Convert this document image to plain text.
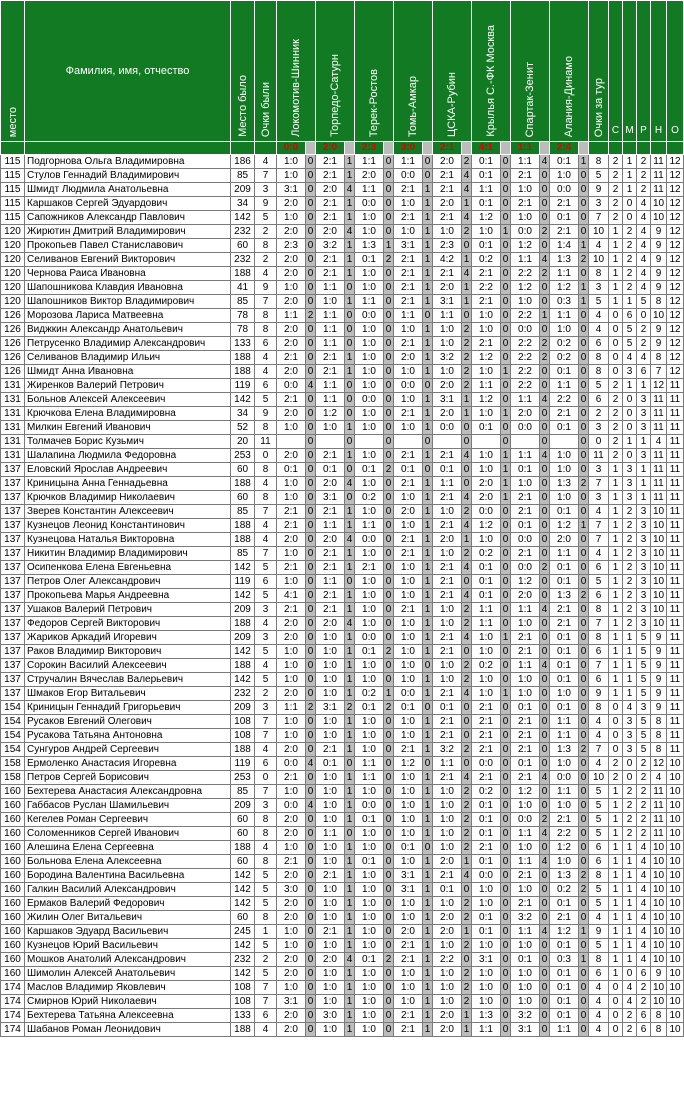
место	Фамилия, имя, отчество	Место было	Очки были	Локомотив-Шинник		Торпедо-Сатурн		Терек-Ростов		Томь-Амкар		ЦСКА-Рубин		Крылья С.-ФК Москва		Спартак-Зенит		Алания-Динамо		Очки за тур	С	М	Р	Н	О

				0:0		2:0		2:3		3:0		2:1		4:1		1:1		2:4							
115	Подгорнова Ольга Владимировна	186	4	1:0	0	2:1	1	1:1	0	1:1	0	2:0	2	0:1	0	1:1	4	0:1	1	8	2	1	2	11	12
115	Стулов Геннадий Владимирович	85	7	1:0	0	2:1	1	2:0	0	0:0	0	2:1	4	0:1	0	2:1	0	1:0	0	5	2	1	2	11	12
115	Шмидт Людмила Анатольевна	209	3	3:1	0	2:0	4	1:1	0	2:1	1	2:1	4	1:1	0	1:0	0	0:0	0	9	2	1	2	11	12
115	Каршаков Сергей Эдуардович	34	9	2:0	0	2:1	1	0:0	0	1:0	1	2:0	1	0:1	0	2:1	0	2:1	0	3	2	0	4	10	12
115	Сапожников Александр Павлович	142	5	1:0	0	2:1	1	1:0	0	2:1	1	2:1	4	1:2	0	1:0	0	0:1	0	7	2	0	4	10	12
120	Жирютин Дмитрий Владимирович	232	2	2:0	0	2:0	4	1:0	0	1:0	1	1:0	2	1:0	1	0:0	2	2:1	0	10	1	2	4	9	12
120	Прокопьев Павел Станиславович	60	8	2:3	0	3:2	1	1:3	1	3:1	1	2:3	0	0:1	0	1:2	0	1:4	1	4	1	2	4	9	12
120	Селиванов Евгений Викторович	232	2	2:0	0	2:1	1	0:1	2	2:1	1	4:2	1	0:2	0	1:1	4	1:3	2	10	1	2	4	9	12
120	Чернова Раиса Ивановна	188	4	2:0	0	2:1	1	1:0	0	2:1	1	2:1	4	2:1	0	2:2	2	1:1	0	8	1	2	4	9	12
120	Шапошникова Клавдия Ивановна	41	9	1:0	0	1:1	0	1:0	0	2:1	1	2:0	1	2:2	0	1:2	0	1:2	1	3	1	2	4	9	12
120	Шапошников Виктор Владимирович	85	7	2:0	0	1:0	1	1:1	0	2:1	1	3:1	1	2:1	0	1:0	0	0:3	1	5	1	1	5	8	12
126	Морозова Лариса Матвеевна	78	8	1:1	2	1:1	0	0:0	0	1:1	0	1:1	0	1:0	0	2:2	1	1:1	0	4	0	6	0	10	12
126	Виджкин Александр Анатольевич	78	8	2:0	0	1:1	0	1:0	0	1:0	1	1:0	2	1:0	0	0:0	0	1:0	0	4	0	5	2	9	12
126	Петрусенко Владимир Александрович	133	6	2:0	0	1:1	0	1:0	0	2:1	1	1:0	2	2:1	0	2:2	2	0:2	0	6	0	5	2	9	12
126	Селиванов Владимир Ильич	188	4	2:1	0	2:1	1	1:0	0	2:0	1	3:2	2	1:2	0	2:2	2	0:2	0	8	0	4	4	8	12
126	Шмидт Анна Ивановна	188	4	2:0	0	2:1	1	1:0	0	1:0	1	1:0	2	1:0	1	2:2	0	0:1	0	8	0	3	6	7	12
131	Жиренков Валерий Петрович	119	6	0:0	4	1:1	0	1:0	0	0:0	0	2:0	2	1:1	0	2:2	0	1:1	0	5	2	1	1	12	11
131	Больнов Алексей Алексеевич	142	5	2:1	0	1:1	0	0:0	0	1:0	1	3:1	1	1:2	0	1:1	4	2:2	0	6	2	0	3	11	11
131	Крючкова Елена Владимировна	34	9	2:0	0	1:2	0	1:0	0	2:1	1	2:0	1	1:0	1	2:0	0	2:1	0	2	2	0	3	11	11
131	Милкин Евгений Иванович	52	8	1:0	0	1:0	1	1:0	0	1:0	1	0:0	0	0:1	0	0:0	0	0:1	0	3	2	0	3	11	11
131	Толмачев Борис Кузьмич	20	11		0		0		0		0		0		0		0		0	0	2	1	1	4	11
131	Шалапина Людмила Федоровна	253	0	2:0	0	2:1	1	1:0	0	2:1	1	2:1	4	1:0	1	1:1	4	1:0	0	11	2	0	3	11	11
137	Еловский Ярослав Андреевич	60	8	0:1	0	0:1	0	0:1	2	0:1	0	0:1	0	1:0	1	0:1	0	1:0	0	3	1	3	1	11	11
137	Криницына Анна Геннадьевна	188	4	1:0	0	2:0	4	1:0	0	2:1	1	1:1	0	2:0	1	1:0	0	1:3	2	7	1	3	1	11	11
137	Крючков Владимир Николаевич	60	8	1:0	0	3:1	0	0:2	0	1:0	1	2:1	4	2:0	1	2:1	0	1:0	0	3	1	3	1	11	11
137	Зверев Константин Алексеевич	85	7	2:1	0	2:1	1	1:0	0	2:0	1	1:0	2	0:0	0	2:1	0	0:1	0	4	1	2	3	10	11
137	Кузнецов Леонид Константинович	188	4	2:1	0	1:1	1	1:1	0	1:0	1	2:1	4	1:2	0	0:1	0	1:2	1	7	1	2	3	10	11
137	Кузнецова Наталья Викторовна	188	4	2:0	0	2:0	4	0:0	0	2:1	1	2:0	1	1:0	0	0:0	0	2:0	0	7	1	2	3	10	11
137	Никитин Владимир Владимирович	85	7	1:0	0	2:1	1	1:0	0	2:1	1	1:0	2	0:2	0	2:1	0	1:1	0	4	1	2	3	10	11
137	Осипенкова Елена Евгеньевна	142	5	2:1	0	2:1	1	2:1	0	1:0	1	2:1	4	0:1	0	0:0	2	0:1	0	6	1	2	3	10	11
137	Петров Олег Александрович	119	6	1:0	0	1:1	0	1:0	0	1:0	1	2:1	0	0:1	0	1:2	0	0:1	0	5	1	2	3	10	11
137	Прокопьева Марья Андреевна	142	5	4:1	0	2:1	1	1:0	0	1:0	1	2:1	4	0:1	0	2:0	0	1:3	2	6	1	2	3	10	11
137	Ушаков Валерий Петрович	209	3	2:1	0	2:1	1	1:0	0	2:1	1	1:0	2	1:1	0	1:1	4	2:1	0	8	1	2	3	10	11
137	Федоров Сергей Викторович	188	4	2:0	0	2:0	4	1:0	0	1:0	1	1:0	2	1:1	0	1:0	0	2:1	0	7	1	2	3	10	11
137	Жариков Аркадий Игоревич	209	3	2:0	0	1:0	1	0:0	0	1:0	1	2:1	4	1:0	1	2:1	0	0:1	0	8	1	1	5	9	11
137	Раков Владимир Викторович	142	5	1:0	0	1:0	1	0:1	2	1:0	1	2:1	0	1:0	0	2:1	0	0:1	0	6	1	1	5	9	11
137	Сорокин Василий Алексеевич	188	4	1:0	0	1:0	1	1:0	0	1:0	0	1:0	2	0:2	0	1:1	4	0:1	0	7	1	1	5	9	11
137	Стручалин Вячеслав Валерьевич	142	5	1:0	0	1:0	1	1:0	0	1:0	1	1:0	2	1:0	0	1:0	0	0:1	0	6	1	1	5	9	11
137	Шмаков Егор Витальевич	232	2	2:0	0	1:0	1	0:2	1	0:0	1	2:1	4	1:0	1	1:0	0	1:0	0	9	1	1	5	9	11
154	Криницын Геннадий Григорьевич	209	3	1:1	2	3:1	2	0:1	2	0:1	0	0:1	0	2:1	0	0:1	0	0:1	0	8	0	4	3	9	11
154	Русаков Евгений Олегович	108	7	1:0	0	1:0	1	1:0	0	1:0	1	2:1	0	2:1	0	2:1	0	1:1	0	4	0	3	5	8	11
154	Русакова Татьяна Антоновна	108	7	1:0	0	1:0	1	1:0	0	1:0	1	2:1	0	2:1	0	2:1	0	1:1	0	4	0	3	5	8	11
154	Сунгуров Андрей Сергеевич	188	4	2:0	0	2:1	1	1:0	0	2:1	1	3:2	2	2:1	0	2:1	0	1:3	2	7	0	3	5	8	11
158	Ермоленко Анастасия Игоревна	119	6	0:0	4	0:1	0	1:1	0	1:2	0	1:1	0	0:0	0	0:1	0	1:0	0	4	2	0	2	12	10
158	Петров Сергей Борисович	253	0	2:1	0	1:0	1	1:1	0	1:0	1	2:1	4	2:1	0	2:1	4	0:0	0	10	2	0	2	4	10
160	Бехтерева Анастасия Александровна	85	7	1:0	0	1:0	1	1:0	0	1:0	1	1:0	2	0:2	0	1:2	0	1:1	0	5	1	2	2	11	10
160	Габбасов Руслан Шамильевич	209	3	0:0	4	1:0	1	0:0	0	1:0	1	1:0	2	0:1	0	1:0	0	1:0	0	5	1	2	2	11	10
160	Кегелев Роман Сергеевич	60	8	2:0	0	1:0	1	0:1	0	1:0	1	1:0	2	0:1	0	0:0	2	2:1	0	5	1	2	2	11	10
160	Соломенников Сергей Иванович	60	8	2:0	0	1:1	0	1:0	0	1:0	1	1:0	2	0:1	0	1:1	4	2:2	0	5	1	2	2	11	10
160	Алешина Елена Сергеевна	188	4	1:0	0	1:0	1	1:0	0	0:1	0	1:0	2	2:1	0	1:0	0	1:2	0	6	1	1	4	10	10
160	Больнова Елена Алексеевна	60	8	2:1	0	1:0	1	0:1	0	1:0	1	2:0	1	0:1	0	1:1	4	1:0	0	6	1	1	4	10	10
160	Бородина Валентина Васильевна	142	5	2:0	0	2:1	1	1:0	0	3:1	1	2:1	4	0:0	0	2:1	0	1:3	2	8	1	1	4	10	10
160	Галкин Василий Александрович	142	5	3:0	0	1:0	1	1:0	0	3:1	1	0:1	0	1:0	0	1:0	0	0:2	2	5	1	1	4	10	10
160	Ермаков Валерий Федорович	142	5	2:0	0	1:0	1	1:0	0	1:0	1	1:0	2	1:0	0	2:1	0	0:1	0	5	1	1	4	10	10
160	Жилин Олег Витальевич	60	8	2:0	0	1:0	1	1:0	0	1:0	1	2:0	2	0:1	0	3:2	0	2:1	0	4	1	1	4	10	10
160	Каршаков Эдуард Васильевич	245	1	1:0	0	2:1	1	1:0	0	2:0	1	2:0	1	0:1	0	1:1	4	1:2	1	9	1	1	4	10	10
160	Кузнецов Юрий Васильевич	142	5	1:0	0	1:0	1	1:0	0	2:1	1	1:0	2	1:0	0	1:0	0	0:1	0	5	1	1	4	10	10
160	Мошков Анатолий Александрович	232	2	2:0	0	2:0	4	0:1	2	2:1	1	2:2	0	3:1	0	0:1	0	0:3	1	8	1	1	4	10	10
160	Шимолин Алексей Анатольевич	142	5	2:0	0	1:0	1	1:0	0	1:0	1	1:0	2	1:0	0	1:0	0	0:1	0	6	1	0	6	9	10
174	Маслов Владимир Яковлевич	108	7	1:0	0	1:0	1	1:0	0	1:0	1	1:0	2	1:0	0	1:0	0	0:1	0	4	0	4	2	10	10
174	Смирнов Юрий Николаевич	108	7	3:1	0	1:0	1	1:0	0	1:0	1	1:0	2	1:0	0	1:0	0	0:1	0	4	0	4	2	10	10
174	Бехтерева Татьяна Алексеевна	133	6	2:0	0	3:0	1	1:0	0	2:1	1	2:0	1	1:3	0	3:2	0	0:1	0	4	0	2	6	8	10
174	Шабанов Роман Леонидович	188	4	2:0	0	1:0	1	1:0	0	2:1	1	2:0	1	1:1	0	3:1	0	1:1	0	4	0	2	6	8	10
